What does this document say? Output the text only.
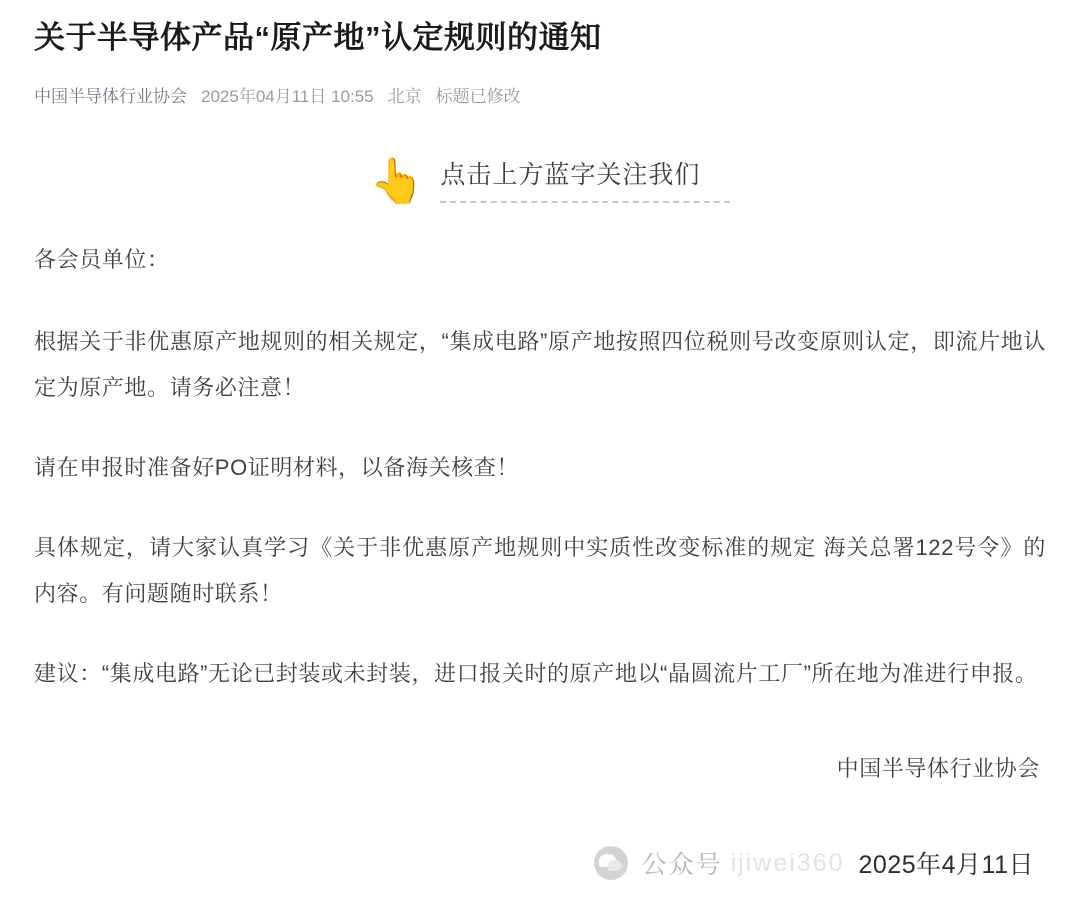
关于半导体产品“原产地”认定规则的通知
中国半导体行业协会 2025年04月11日 10:55 北京 标题已修改
👆 点击上方蓝字关注我们

各会员单位：

根据关于非优惠原产地规则的相关规定，“集成电路”原产地按照四位税则号改变原则认定，即流片地认定为原产地。请务必注意！

请在申报时准备好PO证明材料，以备海关核查！

具体规定，请大家认真学习《关于非优惠原产地规则中实质性改变标准的规定 海关总署122号令》的内容。有问题随时联系！

建议：“集成电路”无论已封装或未封装，进口报关时的原产地以“晶圆流片工厂”所在地为准进行申报。

中国半导体行业协会

公众号 ijiwei360 2025年4月11日
